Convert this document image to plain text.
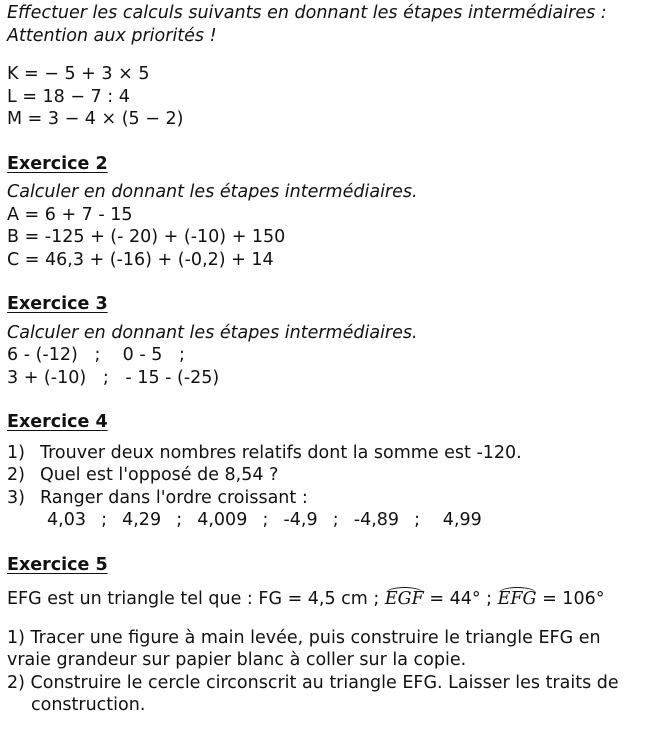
Effectuer les calculs suivants en donnant les étapes intermédiaires :
Attention aux priorités !
K = − 5 + 3 × 5
L = 18 − 7 : 4
M = 3 − 4 × (5 − 2)
Exercice 2
Calculer en donnant les étapes intermédiaires.
A = 6 + 7 - 15
B = -125 + (- 20) + (-10) + 150
C = 46,3 + (-16) + (-0,2) + 14
Exercice 3
Calculer en donnant les étapes intermédiaires.
6 - (-12)   ;    0 - 5   ;
3 + (-10)   ;   - 15 - (-25)
Exercice 4
1) Trouver deux nombres relatifs dont la somme est -120.
2) Quel est l'opposé de 8,54 ?
3) Ranger dans l'ordre croissant :
4,03  ;  4,29  ;  4,009  ;  -4,9  ;  -4,89  ;   4,99
Exercice 5
EFG est un triangle tel que : FG = 4,5 cm ; EGF = 44° ; EFG = 106°
1) Tracer une figure à main levée, puis construire le triangle EFG en
vraie grandeur sur papier blanc à coller sur la copie.
2) Construire le cercle circonscrit au triangle EFG. Laisser les traits de
construction.
